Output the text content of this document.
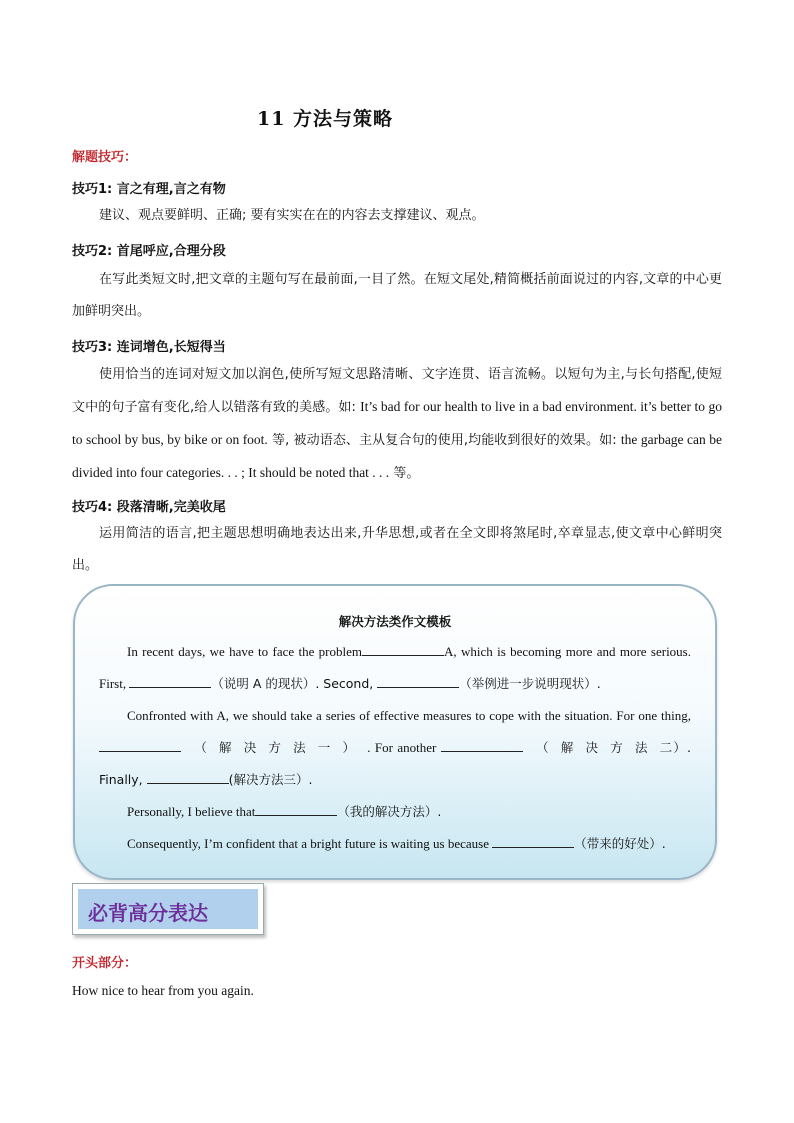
11 方法与策略
解题技巧：
技巧1: 言之有理,言之有物
建议、观点要鲜明、正确; 要有实实在在的内容去支撑建议、观点。
技巧2: 首尾呼应,合理分段
在写此类短文时,把文章的主题句写在最前面,一目了然。在短文尾处,精简概括前面说过的内容,文章的中心更加鲜明突出。
技巧3: 连词增色,长短得当
使用恰当的连词对短文加以润色,使所写短文思路清晰、文字连贯、语言流畅。以短句为主,与长句搭配,使短文中的句子富有变化,给人以错落有致的美感。如: It’s bad for our health to live in a bad environment. it’s better to go to school by bus, by bike or on foot. 等, 被动语态、主从复合句的使用,均能收到很好的效果。如: the garbage can be divided into four categories. . . ; It should be noted that . . . 等。
技巧4: 段落清晰,完美收尾
运用简洁的语言,把主题思想明确地表达出来,升华思想,或者在全文即将煞尾时,卒章显志,使文章中心鲜明突出。
解决方法类作文模板
In recent days, we have to face the problem	A, which is becoming more and more serious. First,	（说明 A 的现状）. Second,	（举例进一步说明现状）.
Confronted with A, we should take a series of effective measures to cope with the situation. For one thing,    （解决方法一）. For another	（解决方法二）. Finally,	(解决方法三）.
Personally, I believe that	（我的解决方法）.
Consequently, I’m confident that a bright future is waiting us because	（带来的好处）.
必背高分表达
开头部分：
How nice to hear from you again.
